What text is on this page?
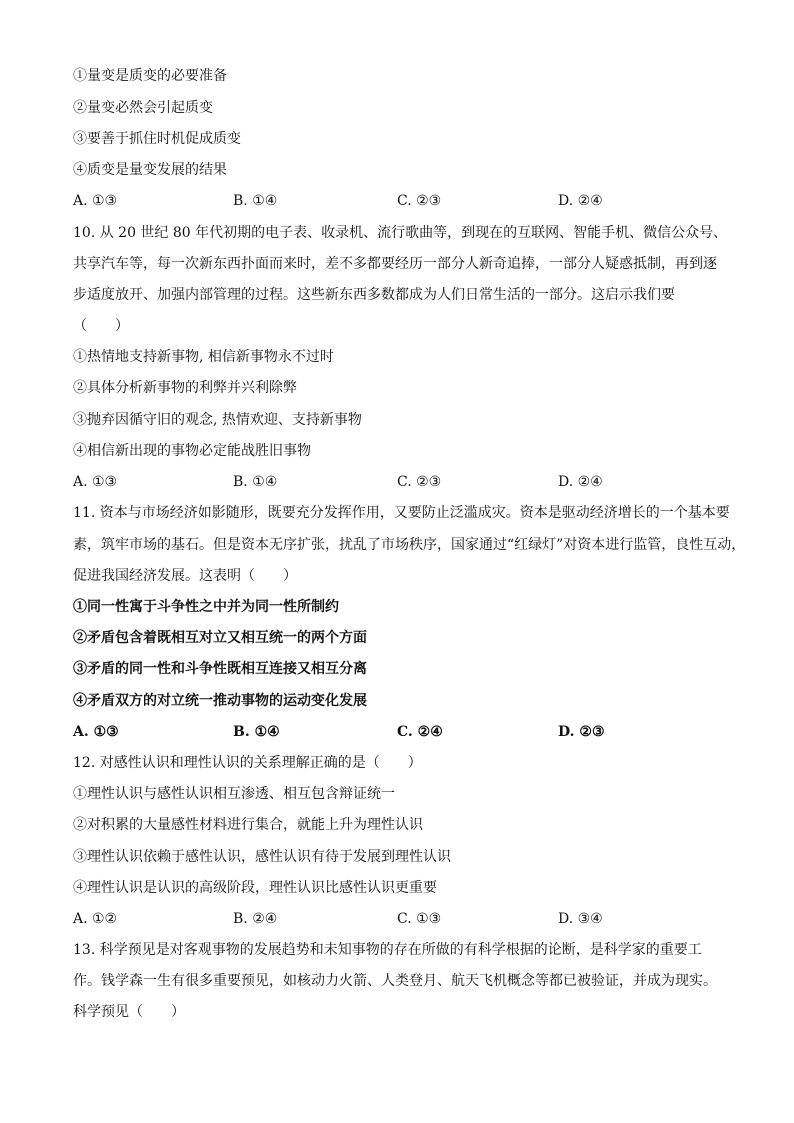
①量变是质变的必要准备
②量变必然会引起质变
③要善于抓住时机促成质变
④质变是量变发展的结果
A. ①③	B. ①④	C. ②③	D. ②④
10. 从 20 世纪 80 年代初期的电子表、收录机、流行歌曲等，到现在的互联网、智能手机、微信公众号、
共享汽车等，每一次新东西扑面而来时，差不多都要经历一部分人新奇追捧，一部分人疑惑抵制，再到逐
步适度放开、加强内部管理的过程。这些新东西多数都成为人们日常生活的一部分。这启示我们要
（　　）
①热情地支持新事物, 相信新事物永不过时
②具体分析新事物的利弊并兴利除弊
③抛弃因循守旧的观念, 热情欢迎、支持新事物
④相信新出现的事物必定能战胜旧事物
A. ①③	B. ①④	C. ②③	D. ②④
11. 资本与市场经济如影随形，既要充分发挥作用，又要防止泛滥成灾。资本是驱动经济增长的一个基本要
素，筑牢市场的基石。但是资本无序扩张，扰乱了市场秩序，国家通过“红绿灯”对资本进行监管，良性互动，
促进我国经济发展。这表明（　　）
①同一性寓于斗争性之中并为同一性所制约
②矛盾包含着既相互对立又相互统一的两个方面
③矛盾的同一性和斗争性既相互连接又相互分离
④矛盾双方的对立统一推动事物的运动变化发展
A. ①③	B. ①④	C. ②④	D. ②③
12. 对感性认识和理性认识的关系理解正确的是（　　）
①理性认识与感性认识相互渗透、相互包含辩证统一
②对积累的大量感性材料进行集合，就能上升为理性认识
③理性认识依赖于感性认识，感性认识有待于发展到理性认识
④理性认识是认识的高级阶段，理性认识比感性认识更重要
A. ①②	B. ②④	C. ①③	D. ③④
13. 科学预见是对客观事物的发展趋势和未知事物的存在所做的有科学根据的论断，是科学家的重要工
作。钱学森一生有很多重要预见，如核动力火箭、人类登月、航天飞机概念等都已被验证，并成为现实。
科学预见（　　）
